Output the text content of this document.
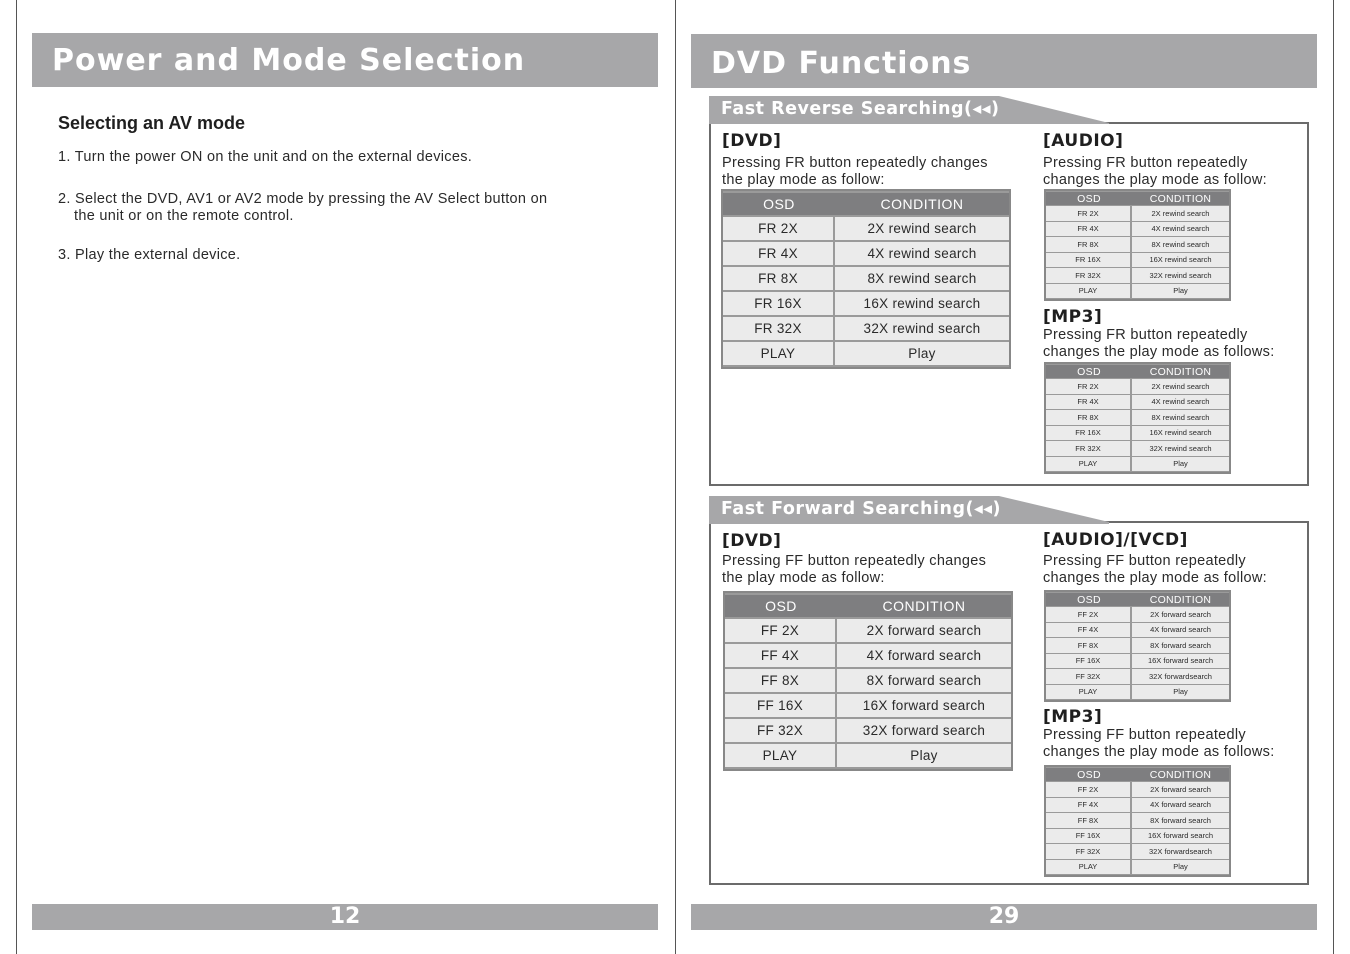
Power and Mode Selection
Selecting an AV mode
1. Turn the power ON on the unit and on the external devices.
2. Select the DVD, AV1 or AV2 mode by pressing the AV Select button on
the unit or on the remote control.
3. Play the external device.
12
DVD Functions
Fast Reverse Searching(◂◂)
[DVD]
Pressing FR button repeatedly changes
the play mode as follow:
OSD	CONDITION
FR 2X	2X rewind search
FR 4X	4X rewind search
FR 8X	8X rewind search
FR 16X	16X rewind search
FR 32X	32X rewind search
PLAY	Play
[AUDIO]
Pressing FR button repeatedly
changes the play mode as follow:
OSD	CONDITION
FR 2X	2X rewind search
FR 4X	4X rewind search
FR 8X	8X rewind search
FR 16X	16X rewind search
FR 32X	32X rewind search
PLAY	Play
[MP3]
Pressing FR button repeatedly
changes the play mode as follows:
OSD	CONDITION
FR 2X	2X rewind search
FR 4X	4X rewind search
FR 8X	8X rewind search
FR 16X	16X rewind search
FR 32X	32X rewind search
PLAY	Play
Fast Forward Searching(◂◂)
[DVD]
Pressing FF button repeatedly changes
the play mode as follow:
OSD	CONDITION
FF 2X	2X forward search
FF 4X	4X forward search
FF 8X	8X forward search
FF 16X	16X forward search
FF 32X	32X forward search
PLAY	Play
[AUDIO]/[VCD]
Pressing FF button repeatedly
changes the play mode as follow:
OSD	CONDITION
FF 2X	2X forward search
FF 4X	4X forward search
FF 8X	8X forward search
FF 16X	16X forward search
FF 32X	32X forwardsearch
PLAY	Play
[MP3]
Pressing FF button repeatedly
changes the play mode as follows:
OSD	CONDITION
FF 2X	2X forward search
FF 4X	4X forward search
FF 8X	8X forward search
FF 16X	16X forward search
FF 32X	32X forwardsearch
PLAY	Play
29
